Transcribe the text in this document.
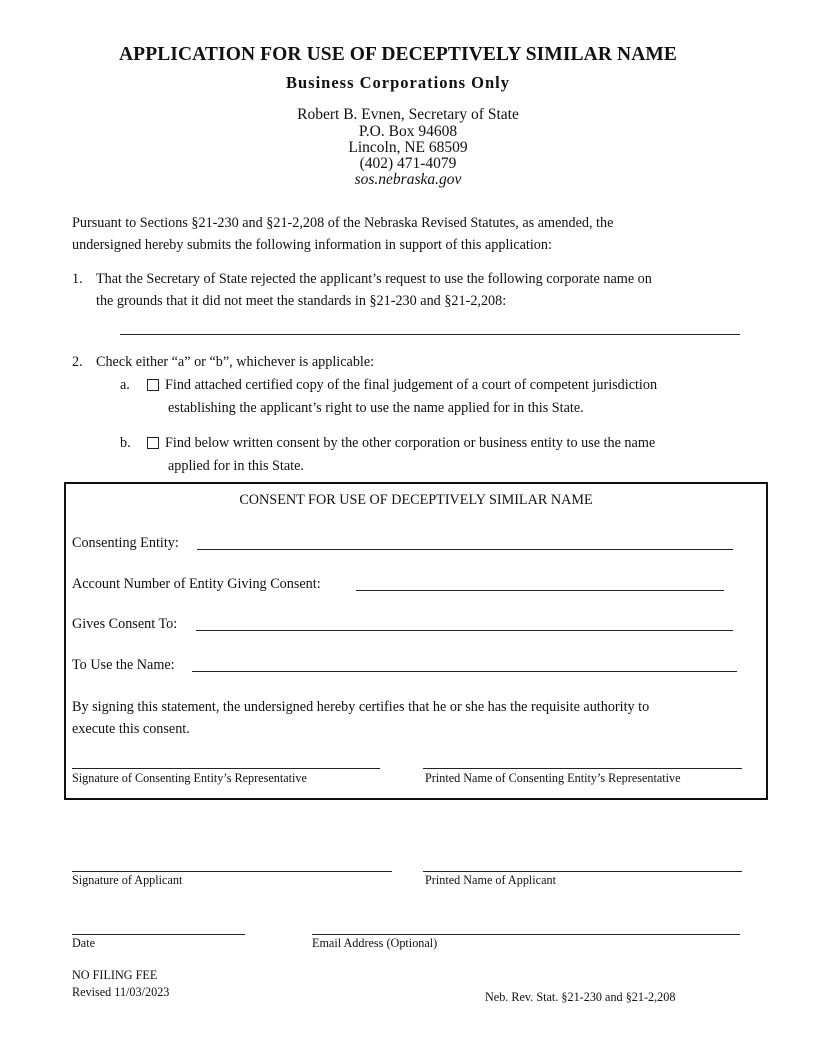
APPLICATION FOR USE OF DECEPTIVELY SIMILAR NAME
Business Corporations Only
Robert B. Evnen, Secretary of State
P.O. Box 94608
Lincoln, NE 68509
(402) 471-4079
sos.nebraska.gov
Pursuant to Sections §21-230 and §21-2,208 of the Nebraska Revised Statutes, as amended, the
undersigned hereby submits the following information in support of this application:
1. That the Secretary of State rejected the applicant’s request to use the following corporate name on
the grounds that it did not meet the standards in §21-230 and §21-2,208:
2. Check either “a” or “b”, whichever is applicable:
a. Find attached certified copy of the final judgement of a court of competent jurisdiction
establishing the applicant’s right to use the name applied for in this State.
b. Find below written consent by the other corporation or business entity to use the name
applied for in this State.
CONSENT FOR USE OF DECEPTIVELY SIMILAR NAME
Consenting Entity:
Account Number of Entity Giving Consent:
Gives Consent To:
To Use the Name:
By signing this statement, the undersigned hereby certifies that he or she has the requisite authority to
execute this consent.
Signature of Consenting Entity’s Representative	Printed Name of Consenting Entity’s Representative
Signature of Applicant	Printed Name of Applicant
Date	Email Address (Optional)
NO FILING FEE
Revised 11/03/2023	Neb. Rev. Stat. §21-230 and §21-2,208
